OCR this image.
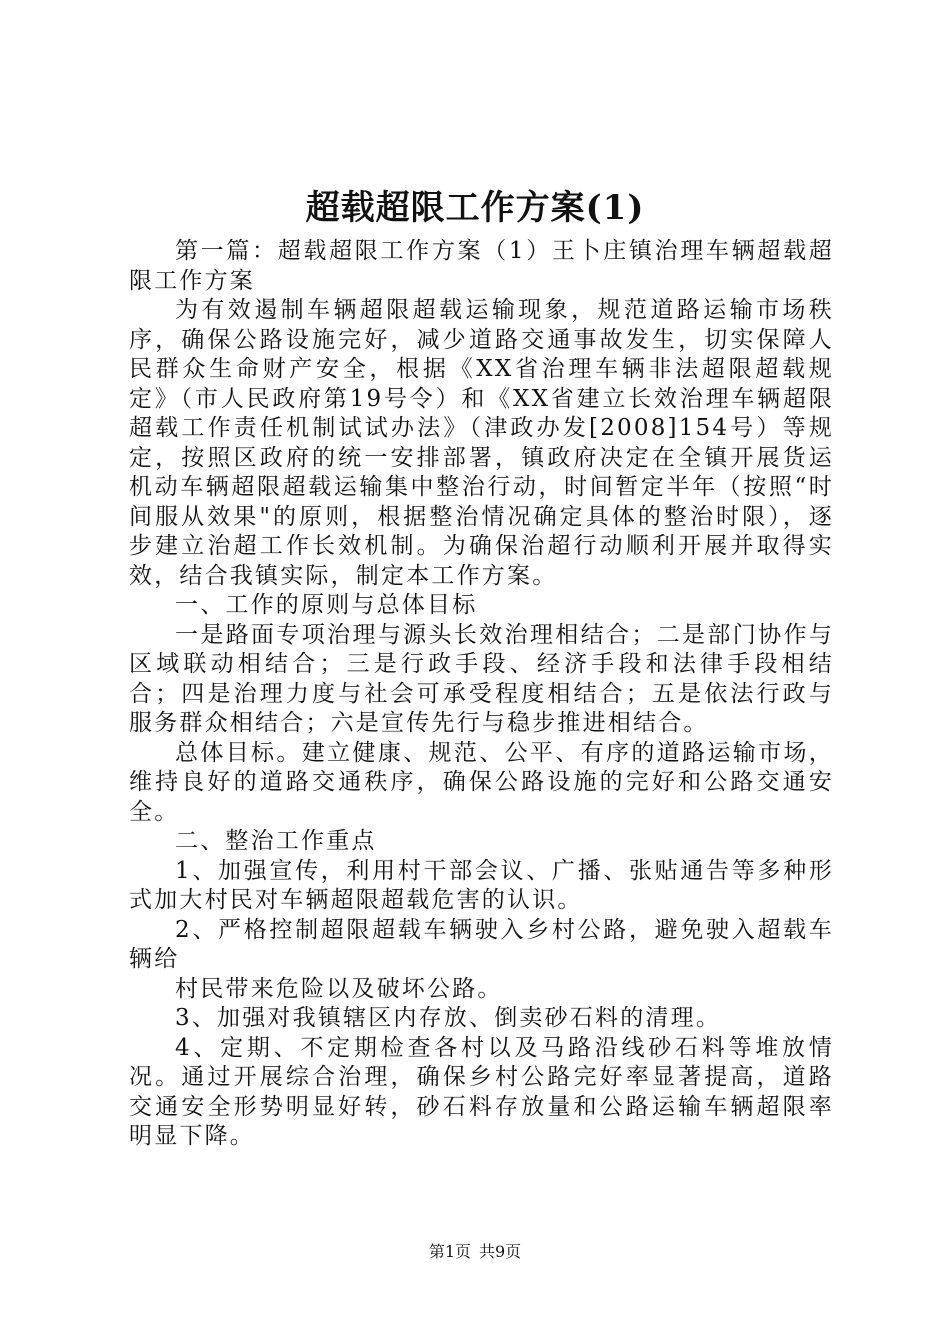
超载超限工作方案(1)

第一篇：超载超限工作方案（1）王卜庄镇治理车辆超载超限工作方案

为有效遏制车辆超限超载运输现象，规范道路运输市场秩序，确保公路设施完好，减少道路交通事故发生，切实保障人民群众生命财产安全，根据《XX省治理车辆非法超限超载规定》（市人民政府第19号令）和《XX省建立长效治理车辆超限超载工作责任机制试试办法》（津政办发[2008]154号）等规定，按照区政府的统一安排部署，镇政府决定在全镇开展货运机动车辆超限超载运输集中整治行动，时间暂定半年（按照“时间服从效果"的原则，根据整治情况确定具体的整治时限），逐步建立治超工作长效机制。为确保治超行动顺利开展并取得实效，结合我镇实际，制定本工作方案。

一、工作的原则与总体目标

一是路面专项治理与源头长效治理相结合；二是部门协作与区域联动相结合；三是行政手段、经济手段和法律手段相结合；四是治理力度与社会可承受程度相结合；五是依法行政与服务群众相结合；六是宣传先行与稳步推进相结合。

总体目标。建立健康、规范、公平、有序的道路运输市场，维持良好的道路交通秩序，确保公路设施的完好和公路交通安全。

二、整治工作重点

1、加强宣传，利用村干部会议、广播、张贴通告等多种形式加大村民对车辆超限超载危害的认识。

2、严格控制超限超载车辆驶入乡村公路，避免驶入超载车辆给

村民带来危险以及破坏公路。

3、加强对我镇辖区内存放、倒卖砂石料的清理。

4、定期、不定期检查各村以及马路沿线砂石料等堆放情况。通过开展综合治理，确保乡村公路完好率显著提高，道路交通安全形势明显好转，砂石料存放量和公路运输车辆超限率明显下降。

第1页 共9页
